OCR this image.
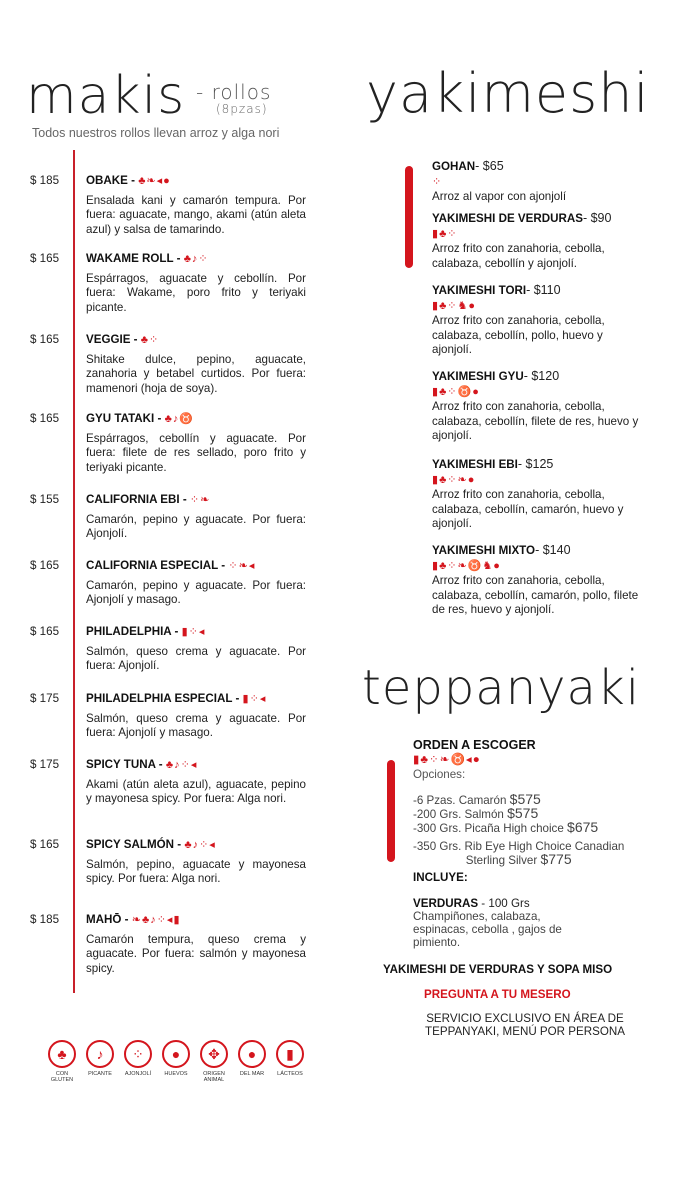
makis - rollos
(8pzas)
Todos nuestros rollos llevan arroz y alga nori
yakimeshi
teppanyaki
$ 185 OBAKE - ♣❧◂●
Ensalada kani y camarón tempura. Por fuera: aguacate, mango, akami (atún aleta azul) y salsa de tamarindo.
$ 165 WAKAME ROLL - ♣♪⁘
Espárragos, aguacate y cebollín. Por fuera: Wakame, poro frito y teriyaki picante.
$ 165 VEGGIE - ♣⁘
Shitake dulce, pepino, aguacate, zanahoria y betabel curtidos. Por fuera: mamenori (hoja de soya).
$ 165 GYU TATAKI - ♣♪♉
Espárragos, cebollín y aguacate. Por fuera: filete de res sellado, poro frito y teriyaki picante.
$ 155 CALIFORNIA EBI - ⁘❧
Camarón, pepino y aguacate. Por fuera: Ajonjolí.
$ 165 CALIFORNIA ESPECIAL - ⁘❧◂
Camarón, pepino y aguacate. Por fuera: Ajonjolí y masago.
$ 165 PHILADELPHIA - ▮⁘◂
Salmón, queso crema y aguacate. Por fuera: Ajonjolí.
$ 175 PHILADELPHIA ESPECIAL - ▮⁘◂
Salmón, queso crema y aguacate. Por fuera: Ajonjolí y masago.
$ 175 SPICY TUNA - ♣♪⁘◂
Akami (atún aleta azul), aguacate, pepino y mayonesa spicy. Por fuera: Alga nori.
$ 165 SPICY SALMÓN - ♣♪⁘◂
Salmón, pepino, aguacate y mayonesa spicy. Por fuera: Alga nori.
$ 185 MAHŌ - ❧♣♪⁘◂▮
Camarón tempura, queso crema y aguacate. Por fuera: salmón y mayonesa spicy.
GOHAN- $65
⁘
Arroz al vapor con ajonjolí
YAKIMESHI DE VERDURAS- $90
▮♣⁘
Arroz frito con zanahoria, cebolla, calabaza, cebollín y ajonjolí.
YAKIMESHI TORI- $110
▮♣⁘♞●
Arroz frito con zanahoria, cebolla, calabaza, cebollín, pollo, huevo y ajonjolí.
YAKIMESHI GYU- $120
▮♣⁘♉●
Arroz frito con zanahoria, cebolla, calabaza, cebollín, filete de res, huevo y ajonjolí.
YAKIMESHI EBI- $125
▮♣⁘❧●
Arroz frito con zanahoria, cebolla, calabaza, cebollín, camarón, huevo y ajonjolí.
YAKIMESHI MIXTO- $140
▮♣⁘❧♉♞●
Arroz frito con zanahoria, cebolla, calabaza, cebollín, camarón, pollo, filete de res, huevo y ajonjolí.
ORDEN A ESCOGER
▮♣⁘❧♉◂●
Opciones:
-6 Pzas. Camarón $575
-200 Grs. Salmón $575
-300 Grs. Picaña High choice $675
-350 Grs. Rib Eye High Choice Canadian
Sterling Silver $775
INCLUYE:
VERDURAS - 100 Grs
Champiñones, calabaza, espinacas, cebolla , gajos de pimiento.
YAKIMESHI DE VERDURAS Y SOPA MISO
PREGUNTA A TU MESERO
SERVICIO EXCLUSIVO EN ÁREA DE
TEPPANYAKI, MENÚ POR PERSONA
♣
CON GLUTEN
♪
PICANTE
⁘
AJONJOLÍ
●
HUEVOS
✥
ORIGEN ANIMAL
●
DEL MAR
▮
LÁCTEOS
